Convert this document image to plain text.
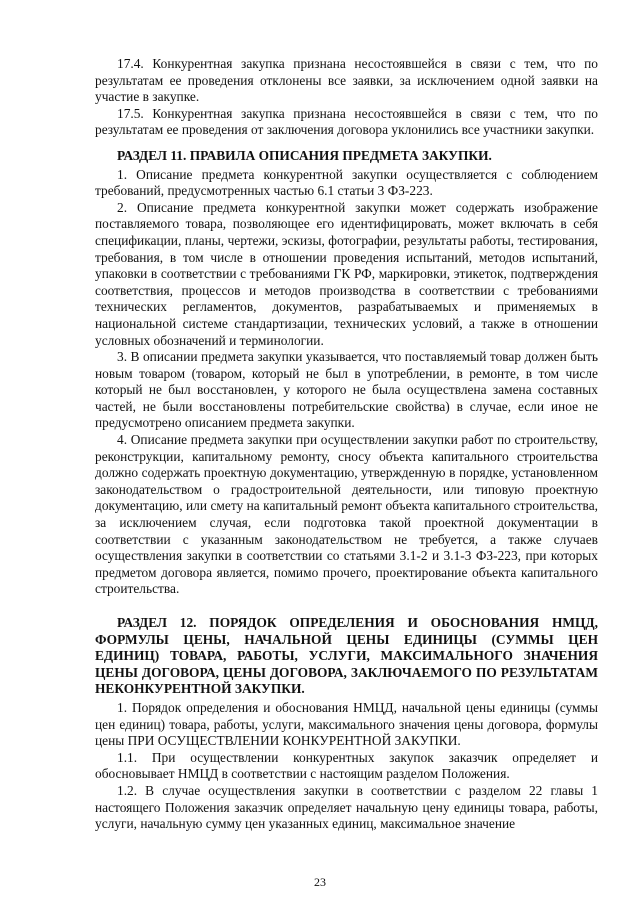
17.4. Конкурентная закупка признана несостоявшейся в связи с тем, что по результатам ее проведения отклонены все заявки, за исключением одной заявки на участие в закупке.

17.5. Конкурентная закупка признана несостоявшейся в связи с тем, что по результатам ее проведения от заключения договора уклонились все участники закупки.

РАЗДЕЛ 11. ПРАВИЛА ОПИСАНИЯ ПРЕДМЕТА ЗАКУПКИ.

1. Описание предмета конкурентной закупки осуществляется с соблюдением требований, предусмотренных частью 6.1 статьи 3 ФЗ-223.

2. Описание предмета конкурентной закупки может содержать изображение поставляемого товара, позволяющее его идентифицировать, может включать в себя спецификации, планы, чертежи, эскизы, фотографии, результаты работы, тестирования, требования, в том числе в отношении проведения испытаний, методов испытаний, упаковки в соответствии с требованиями ГК РФ, маркировки, этикеток, подтверждения соответствия, процессов и методов производства в соответствии с требованиями технических регламентов, документов, разрабатываемых и применяемых в национальной системе стандартизации, технических условий, а также в отношении условных обозначений и терминологии.

3. В описании предмета закупки указывается, что поставляемый товар должен быть новым товаром (товаром, который не был в употреблении, в ремонте, в том числе который не был восстановлен, у которого не была осуществлена замена составных частей, не были восстановлены потребительские свойства) в случае, если иное не предусмотрено описанием предмета закупки.

4. Описание предмета закупки при осуществлении закупки работ по строительству, реконструкции, капитальному ремонту, сносу объекта капитального строительства должно содержать проектную документацию, утвержденную в порядке, установленном законодательством о градостроительной деятельности, или типовую проектную документацию, или смету на капитальный ремонт объекта капитального строительства, за исключением случая, если подготовка такой проектной документации в соответствии с указанным законодательством не требуется, а также случаев осуществления закупки в соответствии со статьями 3.1-2 и 3.1-3 ФЗ-223, при которых предметом договора является, помимо прочего, проектирование объекта капитального строительства.

РАЗДЕЛ 12. ПОРЯДОК ОПРЕДЕЛЕНИЯ И ОБОСНОВАНИЯ НМЦД, ФОРМУЛЫ ЦЕНЫ, НАЧАЛЬНОЙ ЦЕНЫ ЕДИНИЦЫ (СУММЫ ЦЕН ЕДИНИЦ) ТОВАРА, РАБОТЫ, УСЛУГИ, МАКСИМАЛЬНОГО ЗНАЧЕНИЯ ЦЕНЫ ДОГОВОРА, ЦЕНЫ ДОГОВОРА, ЗАКЛЮЧАЕМОГО ПО РЕЗУЛЬТАТАМ НЕКОНКУРЕНТНОЙ ЗАКУПКИ.

1. Порядок определения и обоснования НМЦД, начальной цены единицы (суммы цен единиц) товара, работы, услуги, максимального значения цены договора, формулы цены ПРИ ОСУЩЕСТВЛЕНИИ КОНКУРЕНТНОЙ ЗАКУПКИ.

1.1. При осуществлении конкурентных закупок заказчик определяет и обосновывает НМЦД в соответствии с настоящим разделом Положения.

1.2. В случае осуществления закупки в соответствии с разделом 22 главы 1 настоящего Положения заказчик определяет начальную цену единицы товара, работы, услуги, начальную сумму цен указанных единиц, максимальное значение

23
